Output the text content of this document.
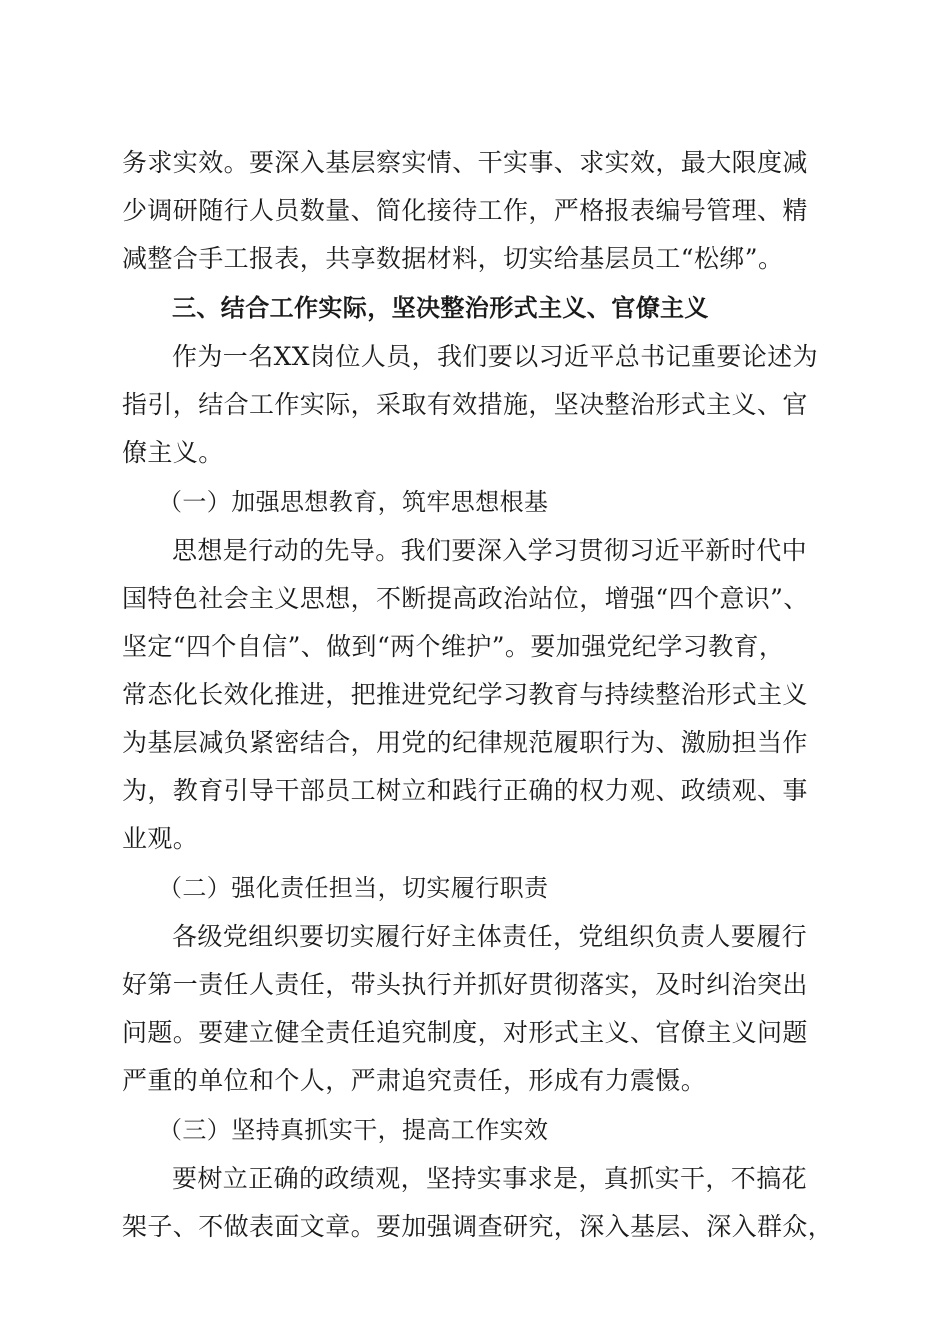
务求实效。要深入基层察实情、干实事、求实效，最大限度减
少调研随行人员数量、简化接待工作，严格报表编号管理、精
减整合手工报表，共享数据材料，切实给基层员工“松绑”。
三、结合工作实际，坚决整治形式主义、官僚主义
作为一名XX岗位人员，我们要以习近平总书记重要论述为
指引，结合工作实际，采取有效措施，坚决整治形式主义、官
僚主义。
（一）加强思想教育，筑牢思想根基
思想是行动的先导。我们要深入学习贯彻习近平新时代中
国特色社会主义思想，不断提高政治站位，增强“四个意识”、
坚定“四个自信”、做到“两个维护”。要加强党纪学习教育，
常态化长效化推进，把推进党纪学习教育与持续整治形式主义
为基层减负紧密结合，用党的纪律规范履职行为、激励担当作
为，教育引导干部员工树立和践行正确的权力观、政绩观、事
业观。
（二）强化责任担当，切实履行职责
各级党组织要切实履行好主体责任，党组织负责人要履行
好第一责任人责任，带头执行并抓好贯彻落实，及时纠治突出
问题。要建立健全责任追究制度，对形式主义、官僚主义问题
严重的单位和个人，严肃追究责任，形成有力震慑。
（三）坚持真抓实干，提高工作实效
要树立正确的政绩观，坚持实事求是，真抓实干，不搞花
架子、不做表面文章。要加强调查研究，深入基层、深入群众，
